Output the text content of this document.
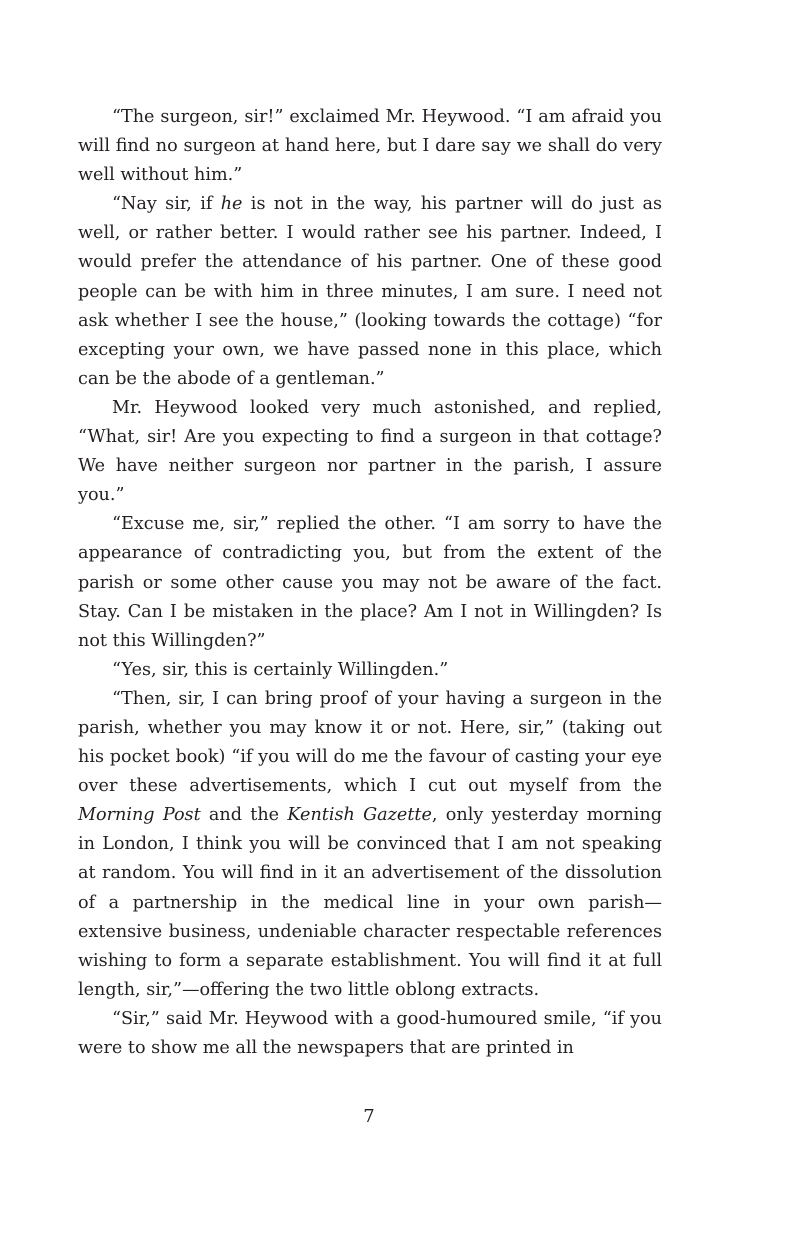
“The surgeon, sir!” exclaimed Mr. Heywood. “I am afraid you will find no surgeon at hand here, but I dare say we shall do very well without him.”

“Nay sir, if he is not in the way, his partner will do just as well, or rather better. I would rather see his partner. Indeed, I would prefer the attendance of his partner. One of these good people can be with him in three minutes, I am sure. I need not ask whether I see the house,” (looking towards the cottage) “for excepting your own, we have passed none in this place, which can be the abode of a gentleman.”

Mr. Heywood looked very much astonished, and replied, “What, sir! Are you expecting to find a surgeon in that cottage? We have neither surgeon nor partner in the parish, I assure you.”

“Excuse me, sir,” replied the other. “I am sorry to have the appearance of contradicting you, but from the extent of the parish or some other cause you may not be aware of the fact. Stay. Can I be mistaken in the place? Am I not in Willingden? Is not this Willingden?”

“Yes, sir, this is certainly Willingden.”

“Then, sir, I can bring proof of your having a surgeon in the parish, whether you may know it or not. Here, sir,” (taking out his pocket book) “if you will do me the favour of casting your eye over these advertisements, which I cut out myself from the Morning Post and the Kentish Gazette, only yesterday morning in London, I think you will be convinced that I am not speaking at random. You will find in it an advertisement of the dissolution of a partnership in the medical line in your own parish—extensive business, undeniable character respectable references wishing to form a separate establishment. You will find it at full length, sir,”—offering the two little oblong extracts.

“Sir,” said Mr. Heywood with a good-humoured smile, “if you were to show me all the newspapers that are printed in

7
